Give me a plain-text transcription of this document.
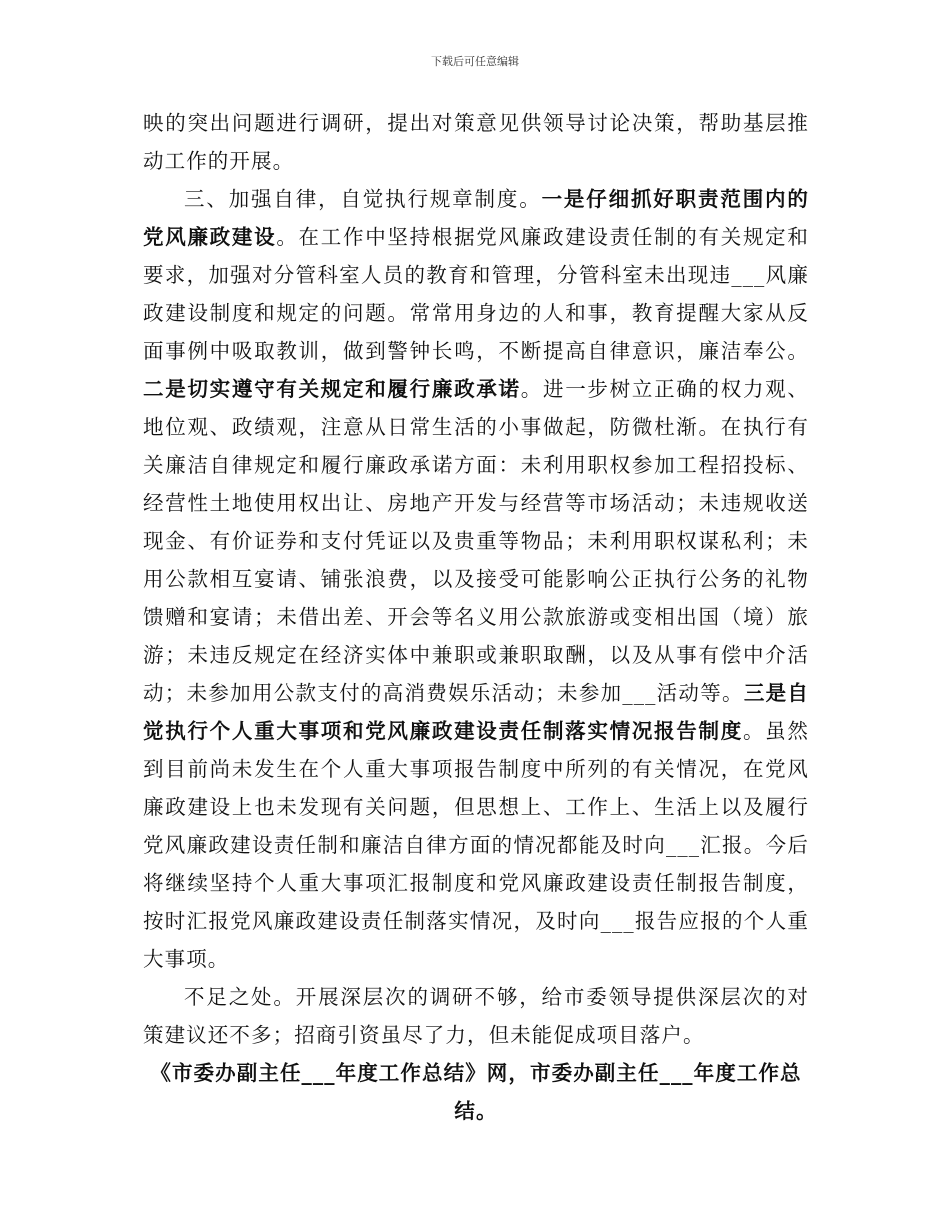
下载后可任意编辑

映的突出问题进行调研，提出对策意见供领导讨论决策，帮助基层推动工作的开展。

三、加强自律，自觉执行规章制度。一是仔细抓好职责范围内的党风廉政建设。在工作中坚持根据党风廉政建设责任制的有关规定和要求，加强对分管科室人员的教育和管理，分管科室未出现违___风廉政建设制度和规定的问题。常常用身边的人和事，教育提醒大家从反面事例中吸取教训，做到警钟长鸣，不断提高自律意识，廉洁奉公。二是切实遵守有关规定和履行廉政承诺。进一步树立正确的权力观、地位观、政绩观，注意从日常生活的小事做起，防微杜渐。在执行有关廉洁自律规定和履行廉政承诺方面：未利用职权参加工程招投标、经营性土地使用权出让、房地产开发与经营等市场活动；未违规收送现金、有价证券和支付凭证以及贵重等物品；未利用职权谋私利；未用公款相互宴请、铺张浪费，以及接受可能影响公正执行公务的礼物馈赠和宴请；未借出差、开会等名义用公款旅游或变相出国（境）旅游；未违反规定在经济实体中兼职或兼职取酬，以及从事有偿中介活动；未参加用公款支付的高消费娱乐活动；未参加___活动等。三是自觉执行个人重大事项和党风廉政建设责任制落实情况报告制度。虽然到目前尚未发生在个人重大事项报告制度中所列的有关情况，在党风廉政建设上也未发现有关问题，但思想上、工作上、生活上以及履行党风廉政建设责任制和廉洁自律方面的情况都能及时向___汇报。今后将继续坚持个人重大事项汇报制度和党风廉政建设责任制报告制度，按时汇报党风廉政建设责任制落实情况，及时向___报告应报的个人重大事项。

不足之处。开展深层次的调研不够，给市委领导提供深层次的对策建议还不多；招商引资虽尽了力，但未能促成项目落户。

《市委办副主任___年度工作总结》网，市委办副主任___年度工作总结。
